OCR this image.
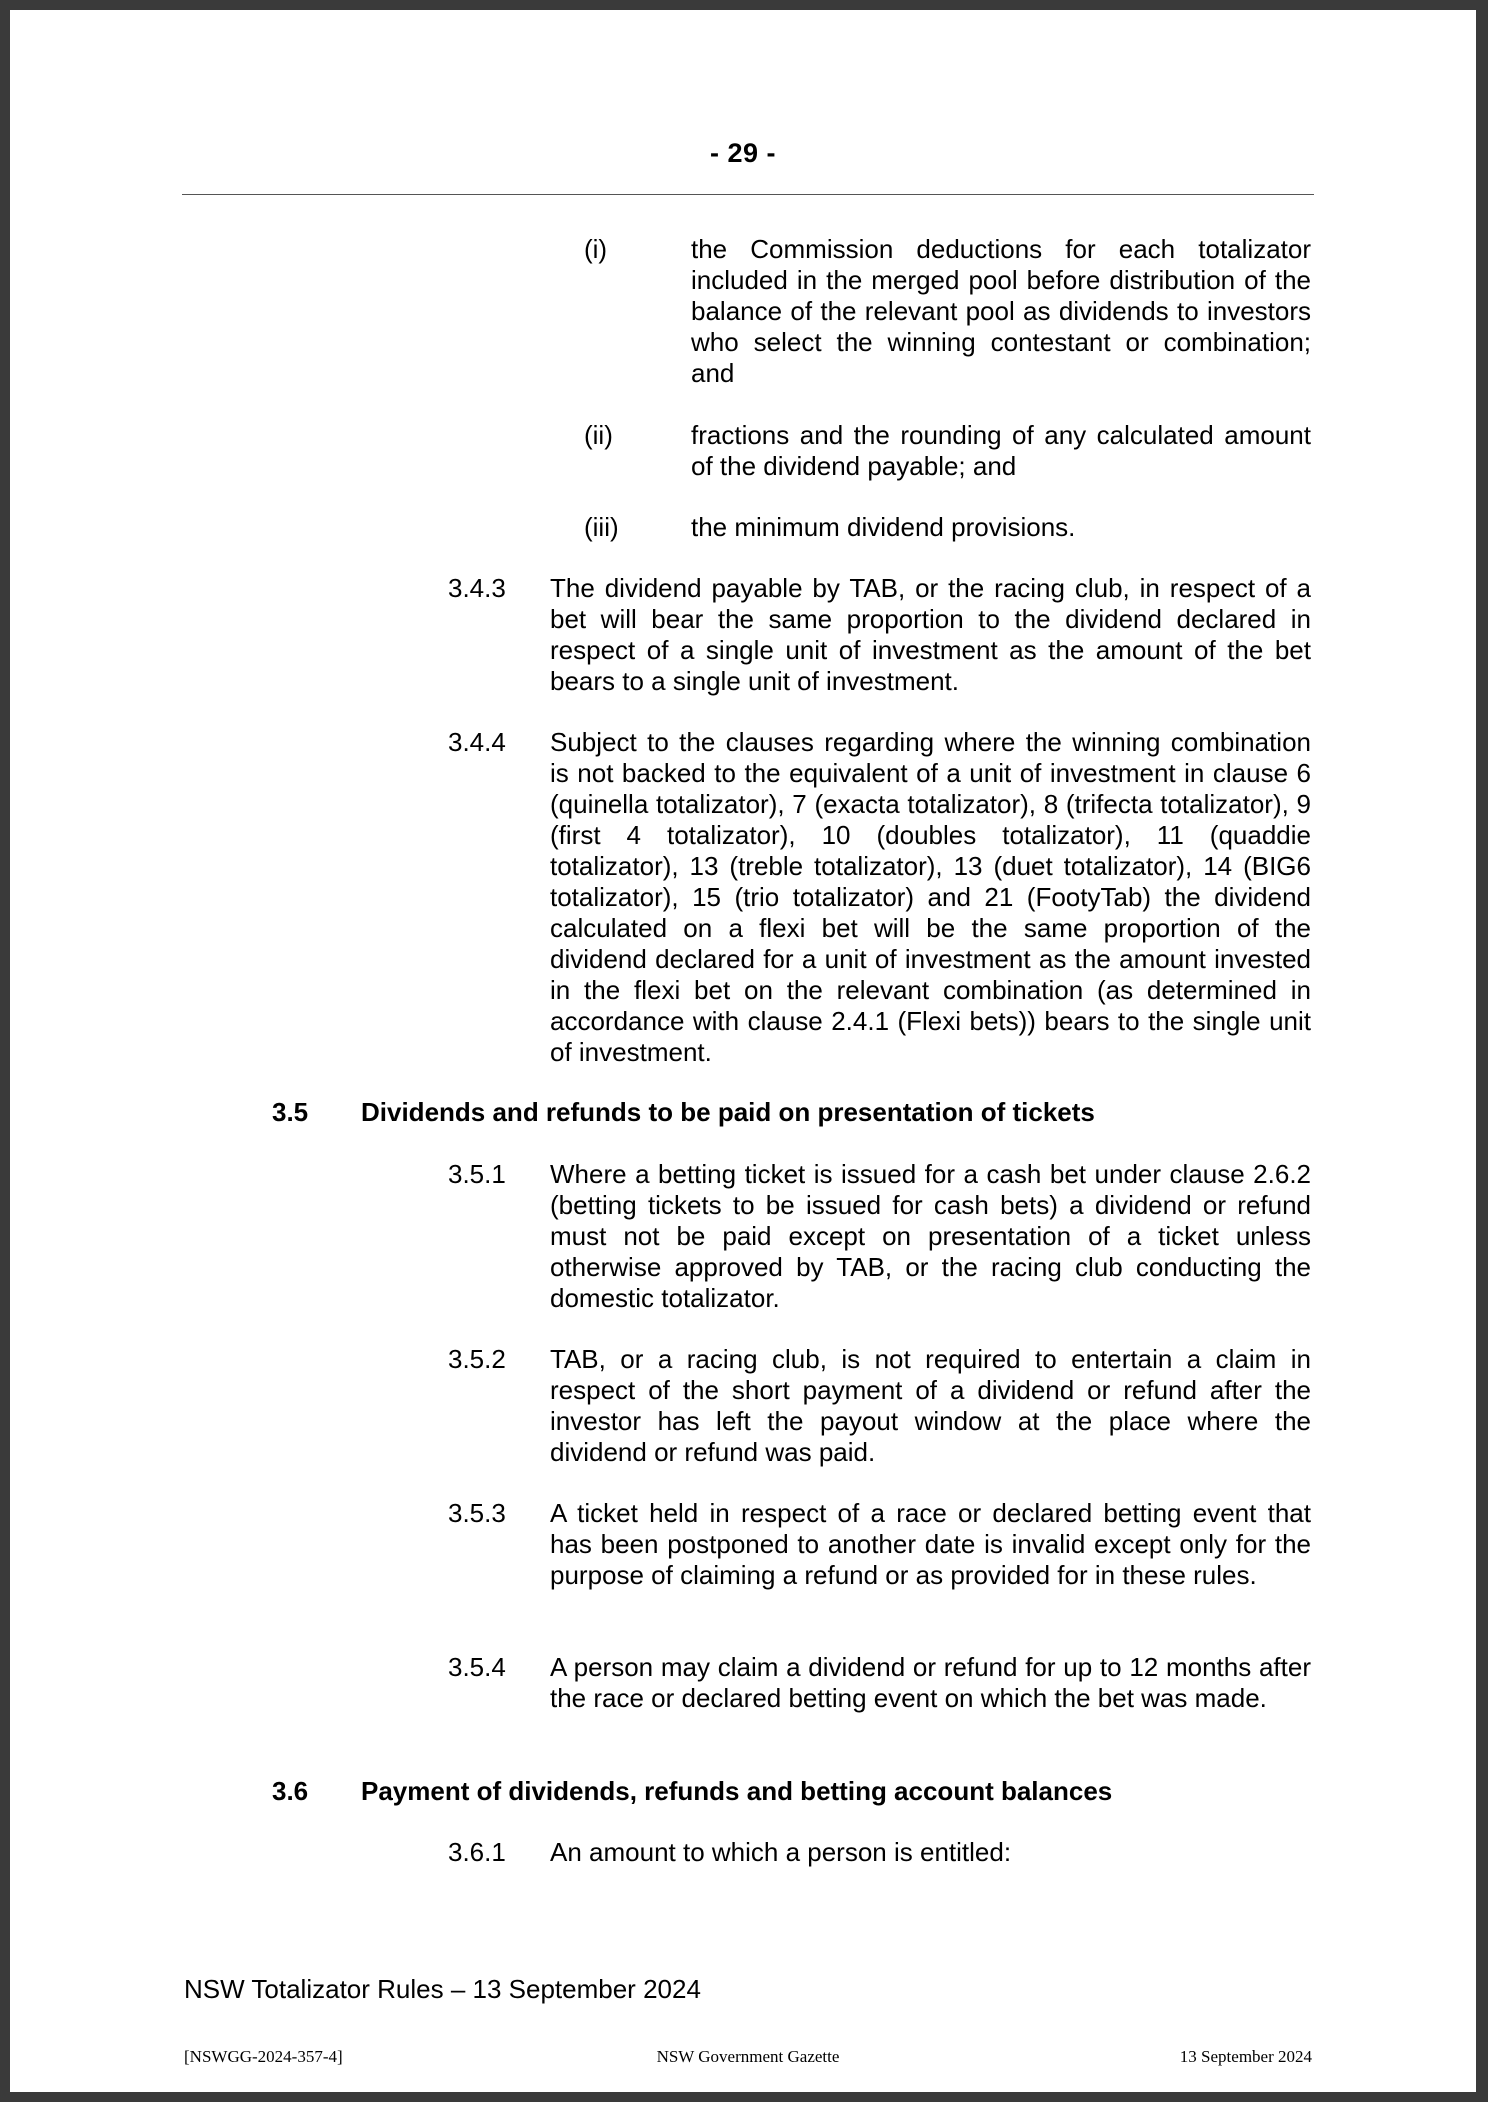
- 29 -
(i)	the Commission deductions for each totalizator included in the merged pool before distribution of the balance of the relevant pool as dividends to investors who select the winning contestant or combination; and
(ii)	fractions and the rounding of any calculated amount of the dividend payable; and
(iii)	the minimum dividend provisions.
3.4.3 The dividend payable by TAB, or the racing club, in respect of a bet will bear the same proportion to the dividend declared in respect of a single unit of investment as the amount of the bet bears to a single unit of investment.
3.4.4 Subject to the clauses regarding where the winning combination is not backed to the equivalent of a unit of investment in clause 6 (quinella totalizator), 7 (exacta totalizator), 8 (trifecta totalizator), 9 (first 4 totalizator), 10 (doubles totalizator), 11 (quaddie totalizator), 13 (treble totalizator), 13 (duet totalizator), 14 (BIG6 totalizator), 15 (trio totalizator) and 21 (FootyTab) the dividend calculated on a flexi bet will be the same proportion of the dividend declared for a unit of investment as the amount invested in the flexi bet on the relevant combination (as determined in accordance with clause 2.4.1 (Flexi bets)) bears to the single unit of investment.
3.5 Dividends and refunds to be paid on presentation of tickets
3.5.1 Where a betting ticket is issued for a cash bet under clause 2.6.2 (betting tickets to be issued for cash bets) a dividend or refund must not be paid except on presentation of a ticket unless otherwise approved by TAB, or the racing club conducting the domestic totalizator.
3.5.2 TAB, or a racing club, is not required to entertain a claim in respect of the short payment of a dividend or refund after the investor has left the payout window at the place where the dividend or refund was paid.
3.5.3 A ticket held in respect of a race or declared betting event that has been postponed to another date is invalid except only for the purpose of claiming a refund or as provided for in these rules.
3.5.4 A person may claim a dividend or refund for up to 12 months after the race or declared betting event on which the bet was made.
3.6 Payment of dividends, refunds and betting account balances
3.6.1 An amount to which a person is entitled:
NSW Totalizator Rules – 13 September 2024
NSW Government Gazette
[NSWGG-2024-357-4]	13 September 2024
